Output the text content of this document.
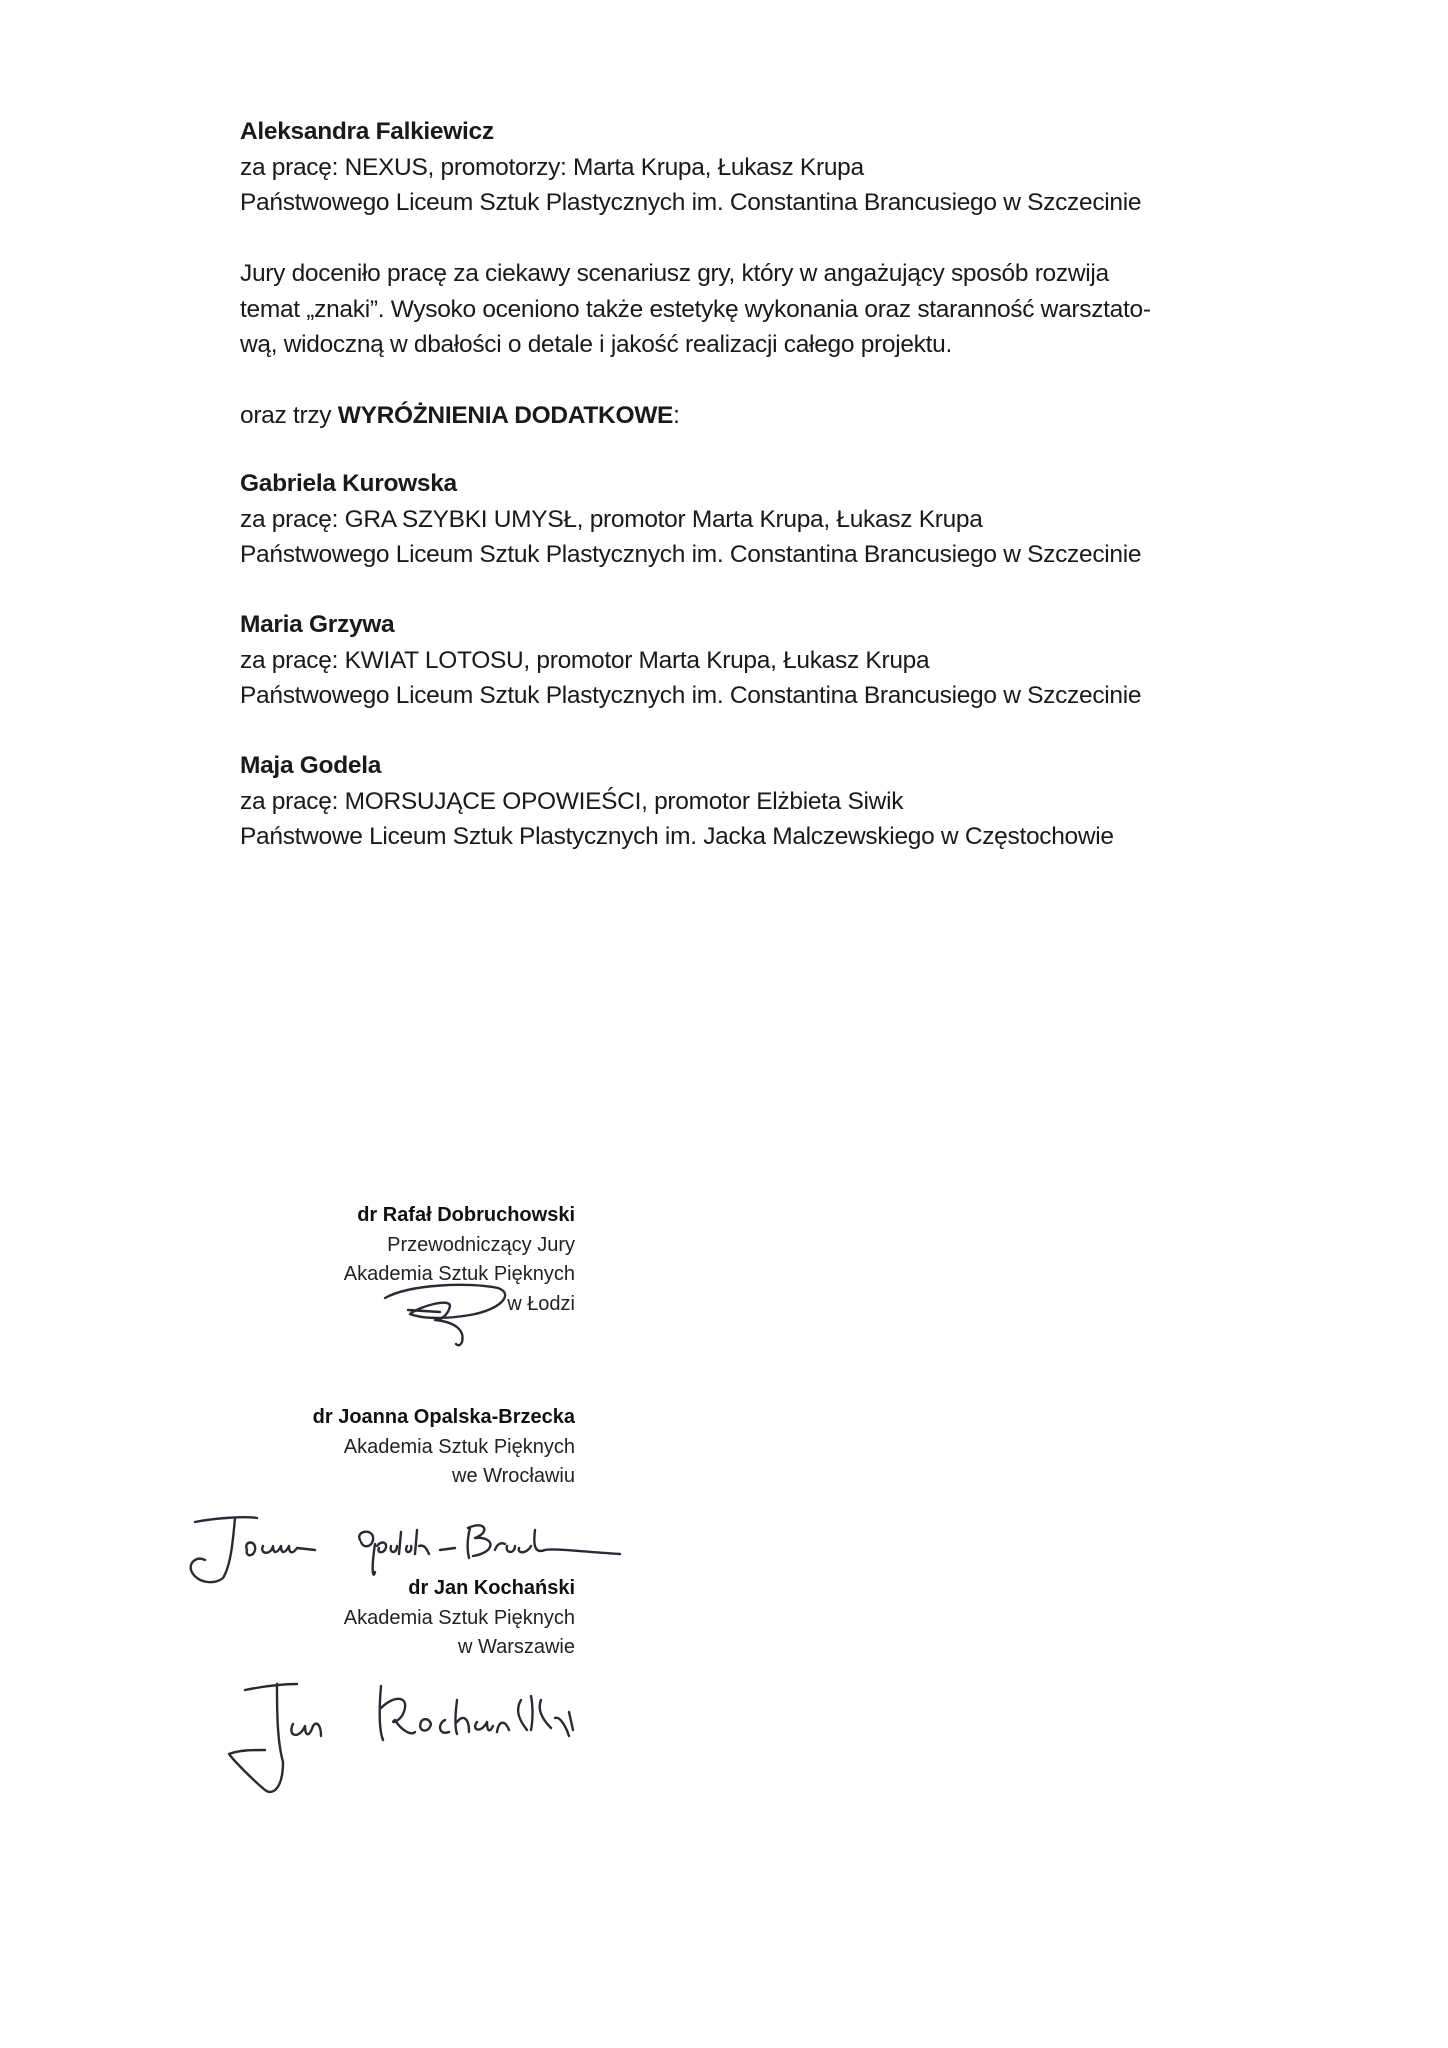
Aleksandra Falkiewicz
za pracę: NEXUS, promotorzy: Marta Krupa, Łukasz Krupa
Państwowego Liceum Sztuk Plastycznych im. Constantina Brancusiego w Szczecinie
Jury doceniło pracę za ciekawy scenariusz gry, który w angażujący sposób rozwija
temat „znaki”. Wysoko oceniono także estetykę wykonania oraz staranność warsztato-
wą, widoczną w dbałości o detale i jakość realizacji całego projektu.
oraz trzy WYRÓŻNIENIA DODATKOWE:
Gabriela Kurowska
za pracę: GRA SZYBKI UMYSŁ, promotor Marta Krupa, Łukasz Krupa
Państwowego Liceum Sztuk Plastycznych im. Constantina Brancusiego w Szczecinie
Maria Grzywa
za pracę: KWIAT LOTOSU, promotor Marta Krupa, Łukasz Krupa
Państwowego Liceum Sztuk Plastycznych im. Constantina Brancusiego w Szczecinie
Maja Godela
za pracę: MORSUJĄCE OPOWIEŚCI, promotor Elżbieta Siwik
Państwowe Liceum Sztuk Plastycznych im. Jacka Malczewskiego w Częstochowie
dr Rafał Dobruchowski
Przewodniczący Jury
Akademia Sztuk Pięknych
w Łodzi
dr Joanna Opalska-Brzecka
Akademia Sztuk Pięknych
we Wrocławiu
dr Jan Kochański
Akademia Sztuk Pięknych
w Warszawie
